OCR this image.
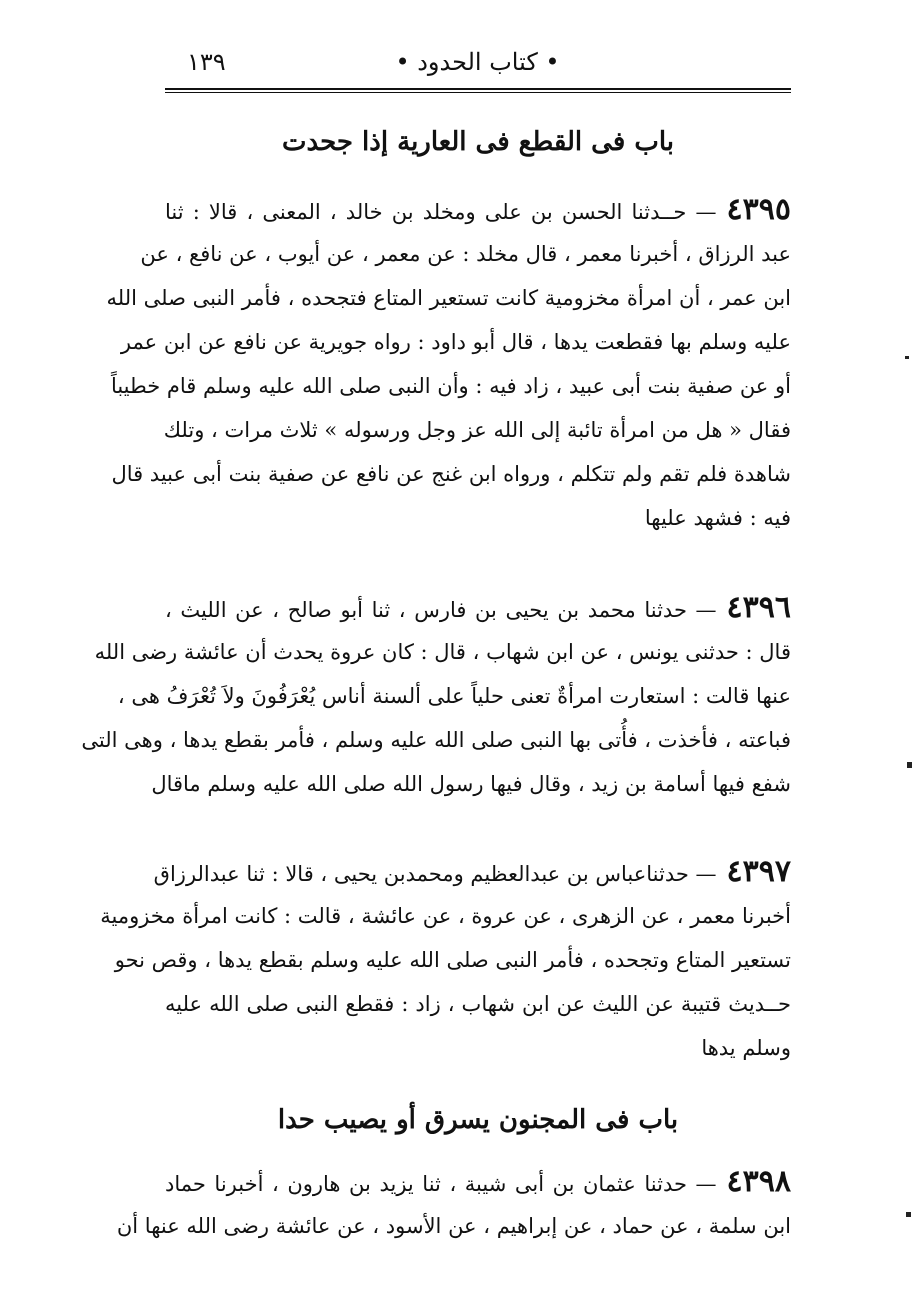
• كتاب الحدود •
١٣٩
باب فى القطع فى العارية إذا جحدت
٤٣٩٥— حــدثنا الحسن بن على ومخلد بن خالد ، المعنى ، قالا : ثنا
عبد الرزاق ، أخبرنا معمر ، قال مخلد : عن معمر ، عن أيوب ، عن نافع ، عن
ابن عمر ، أن امرأة مخزومية كانت تستعير المتاع فتجحده ، فأمر النبى صلى الله
عليه وسلم بها فقطعت يدها ، قال أبو داود : رواه جويرية عن نافع عن ابن عمر
أو عن صفية بنت أبى عبيد ، زاد فيه : وأن النبى صلى الله عليه وسلم قام خطيباً
فقال « هل من امرأة تائبة إلى الله عز وجل ورسوله » ثلاث مرات ، وتلك
شاهدة فلم تقم ولم تتكلم ، ورواه ابن غنج عن نافع عن صفية بنت أبى عبيد قال
فيه : فشهد عليها
٤٣٩٦— حدثنا محمد بن يحيى بن فارس ، ثنا أبو صالح ، عن الليث ،
قال : حدثنى يونس ، عن ابن شهاب ، قال : كان عروة يحدث أن عائشة رضى الله
عنها قالت : استعارت امرأةٌ تعنى حلياً على ألسنة أناس يُعْرَفُونَ ولاَ تُعْرَفُ هى ،
فباعته ، فأخذت ، فأُتى بها النبى صلى الله عليه وسلم ، فأمر بقطع يدها ، وهى التى
شفع فيها أسامة بن زيد ، وقال فيها رسول الله صلى الله عليه وسلم ماقال
٤٣٩٧— حدثناعباس بن عبدالعظيم ومحمدبن يحيى ، قالا : ثنا عبدالرزاق
أخبرنا معمر ، عن الزهرى ، عن عروة ، عن عائشة ، قالت : كانت امرأة مخزومية
تستعير المتاع وتجحده ، فأمر النبى صلى الله عليه وسلم بقطع يدها ، وقص نحو
حــديث قتيبة عن الليث عن ابن شهاب ، زاد : فقطع النبى صلى الله عليه
وسلم يدها
باب فى المجنون يسرق أو يصيب حدا
٤٣٩٨— حدثنا عثمان بن أبى شيبة ، ثنا يزيد بن هارون ، أخبرنا حماد
ابن سلمة ، عن حماد ، عن إبراهيم ، عن الأسود ، عن عائشة رضى الله عنها أن
